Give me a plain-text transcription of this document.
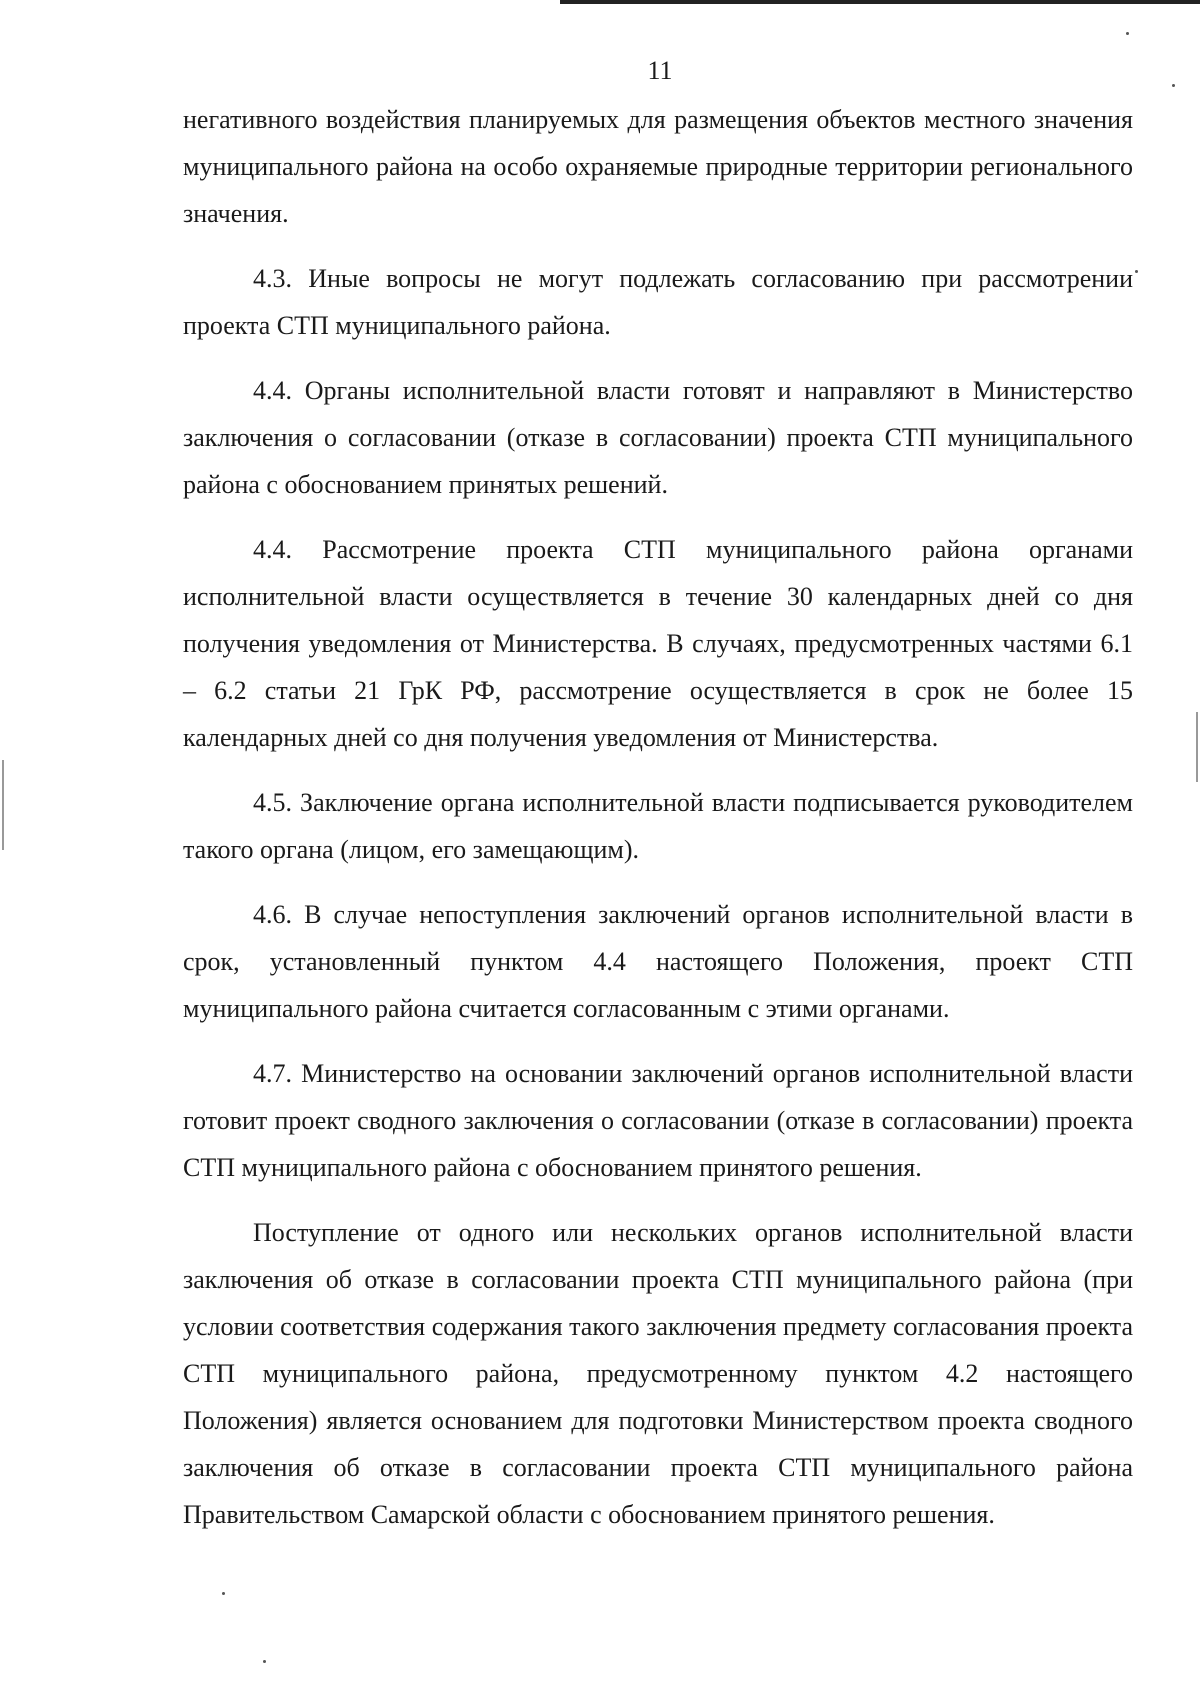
11

негативного воздействия планируемых для размещения объектов местного значения муниципального района на особо охраняемые природные территории регионального значения.

4.3. Иные вопросы не могут подлежать согласованию при рассмотрении проекта СТП муниципального района.

4.4. Органы исполнительной власти готовят и направляют в Министерство заключения о согласовании (отказе в согласовании) проекта СТП муниципального района с обоснованием принятых решений.

4.4. Рассмотрение проекта СТП муниципального района органами исполнительной власти осуществляется в течение 30 календарных дней со дня получения уведомления от Министерства. В случаях, предусмотренных частями 6.1 – 6.2 статьи 21 ГрК РФ, рассмотрение осуществляется в срок не более 15 календарных дней со дня получения уведомления от Министерства.

4.5. Заключение органа исполнительной власти подписывается руководителем такого органа (лицом, его замещающим).

4.6. В случае непоступления заключений органов исполнительной власти в срок, установленный пунктом 4.4 настоящего Положения, проект СТП муниципального района считается согласованным с этими органами.

4.7. Министерство на основании заключений органов исполнительной власти готовит проект сводного заключения о согласовании (отказе в согласовании) проекта СТП муниципального района с обоснованием принятого решения.

Поступление от одного или нескольких органов исполнительной власти заключения об отказе в согласовании проекта СТП муниципального района (при условии соответствия содержания такого заключения предмету согласования проекта СТП муниципального района, предусмотренному пунктом 4.2 настоящего Положения) является основанием для подготовки Министерством проекта сводного заключения об отказе в согласовании проекта СТП муниципального района Правительством Самарской области с обоснованием принятого решения.
